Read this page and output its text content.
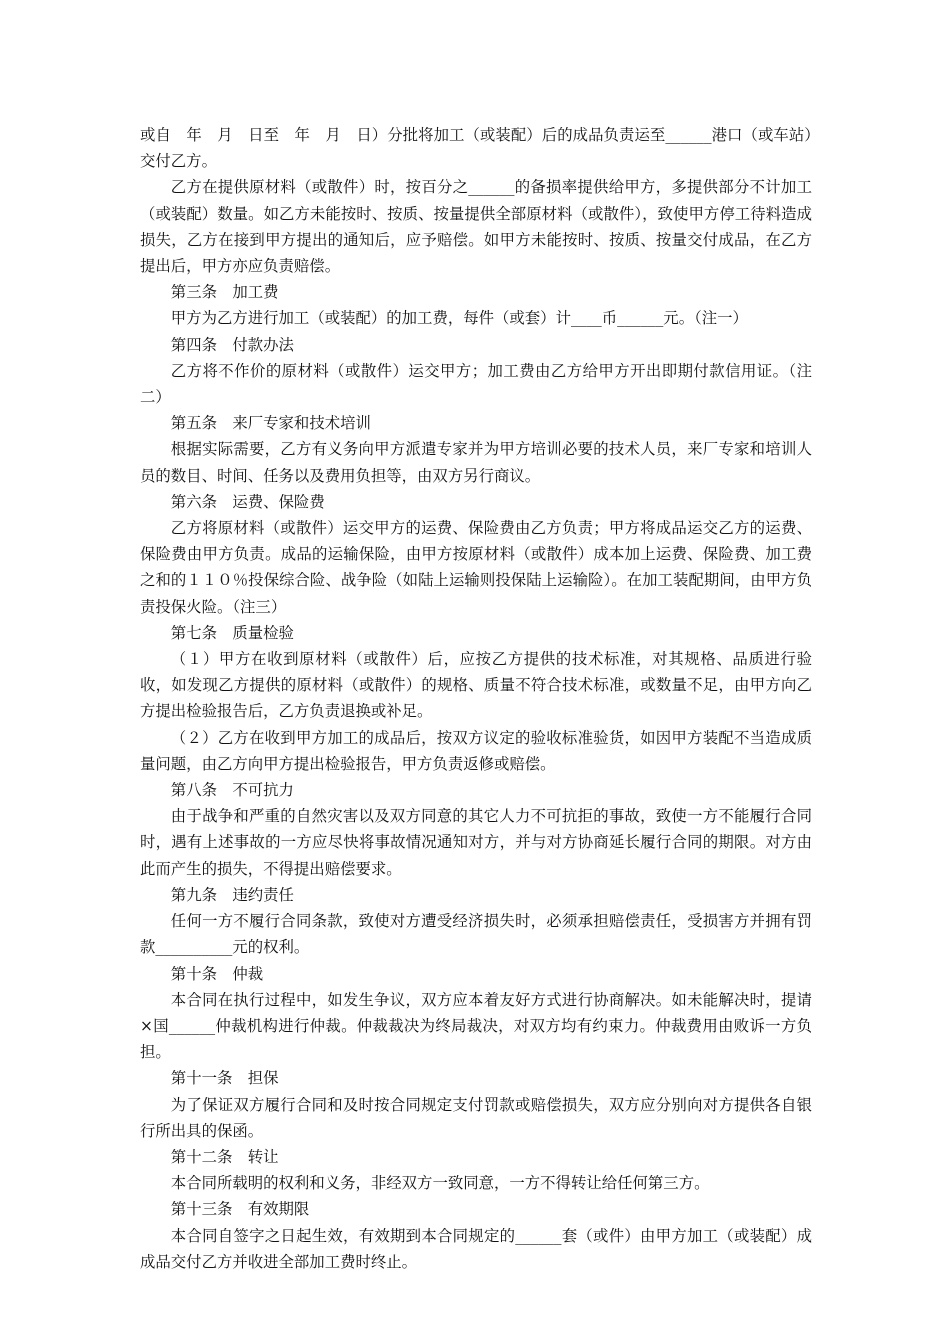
或自　年　月　日至　年　月　日）分批将加工（或装配）后的成品负责运至______港口（或车站）交付乙方。

乙方在提供原材料（或散件）时，按百分之______的备损率提供给甲方，多提供部分不计加工（或装配）数量。如乙方未能按时、按质、按量提供全部原材料（或散件），致使甲方停工待料造成损失，乙方在接到甲方提出的通知后，应予赔偿。如甲方未能按时、按质、按量交付成品，在乙方提出后，甲方亦应负责赔偿。

第三条　加工费

甲方为乙方进行加工（或装配）的加工费，每件（或套）计____币______元。（注一）

第四条　付款办法

乙方将不作价的原材料（或散件）运交甲方；加工费由乙方给甲方开出即期付款信用证。（注二）

第五条　来厂专家和技术培训

根据实际需要，乙方有义务向甲方派遣专家并为甲方培训必要的技术人员，来厂专家和培训人员的数目、时间、任务以及费用负担等，由双方另行商议。

第六条　运费、保险费

乙方将原材料（或散件）运交甲方的运费、保险费由乙方负责；甲方将成品运交乙方的运费、保险费由甲方负责。成品的运输保险，由甲方按原材料（或散件）成本加上运费、保险费、加工费之和的１１０％投保综合险、战争险（如陆上运输则投保陆上运输险）。在加工装配期间，由甲方负责投保火险。（注三）

第七条　质量检验

（１）甲方在收到原材料（或散件）后，应按乙方提供的技术标准，对其规格、品质进行验收，如发现乙方提供的原材料（或散件）的规格、质量不符合技术标准，或数量不足，由甲方向乙方提出检验报告后，乙方负责退换或补足。

（２）乙方在收到甲方加工的成品后，按双方议定的验收标准验货，如因甲方装配不当造成质量问题，由乙方向甲方提出检验报告，甲方负责返修或赔偿。

第八条　不可抗力

由于战争和严重的自然灾害以及双方同意的其它人力不可抗拒的事故，致使一方不能履行合同时，遇有上述事故的一方应尽快将事故情况通知对方，并与对方协商延长履行合同的期限。对方由此而产生的损失，不得提出赔偿要求。

第九条　违约责任

任何一方不履行合同条款，致使对方遭受经济损失时，必须承担赔偿责任，受损害方并拥有罚款__________元的权利。

第十条　仲裁

本合同在执行过程中，如发生争议，双方应本着友好方式进行协商解决。如未能解决时，提请×国______仲裁机构进行仲裁。仲裁裁决为终局裁决，对双方均有约束力。仲裁费用由败诉一方负担。

第十一条　担保

为了保证双方履行合同和及时按合同规定支付罚款或赔偿损失，双方应分别向对方提供各自银行所出具的保函。

第十二条　转让

本合同所载明的权利和义务，非经双方一致同意，一方不得转让给任何第三方。

第十三条　有效期限

本合同自签字之日起生效，有效期到本合同规定的______套（或件）由甲方加工（或装配）成成品交付乙方并收进全部加工费时终止。
